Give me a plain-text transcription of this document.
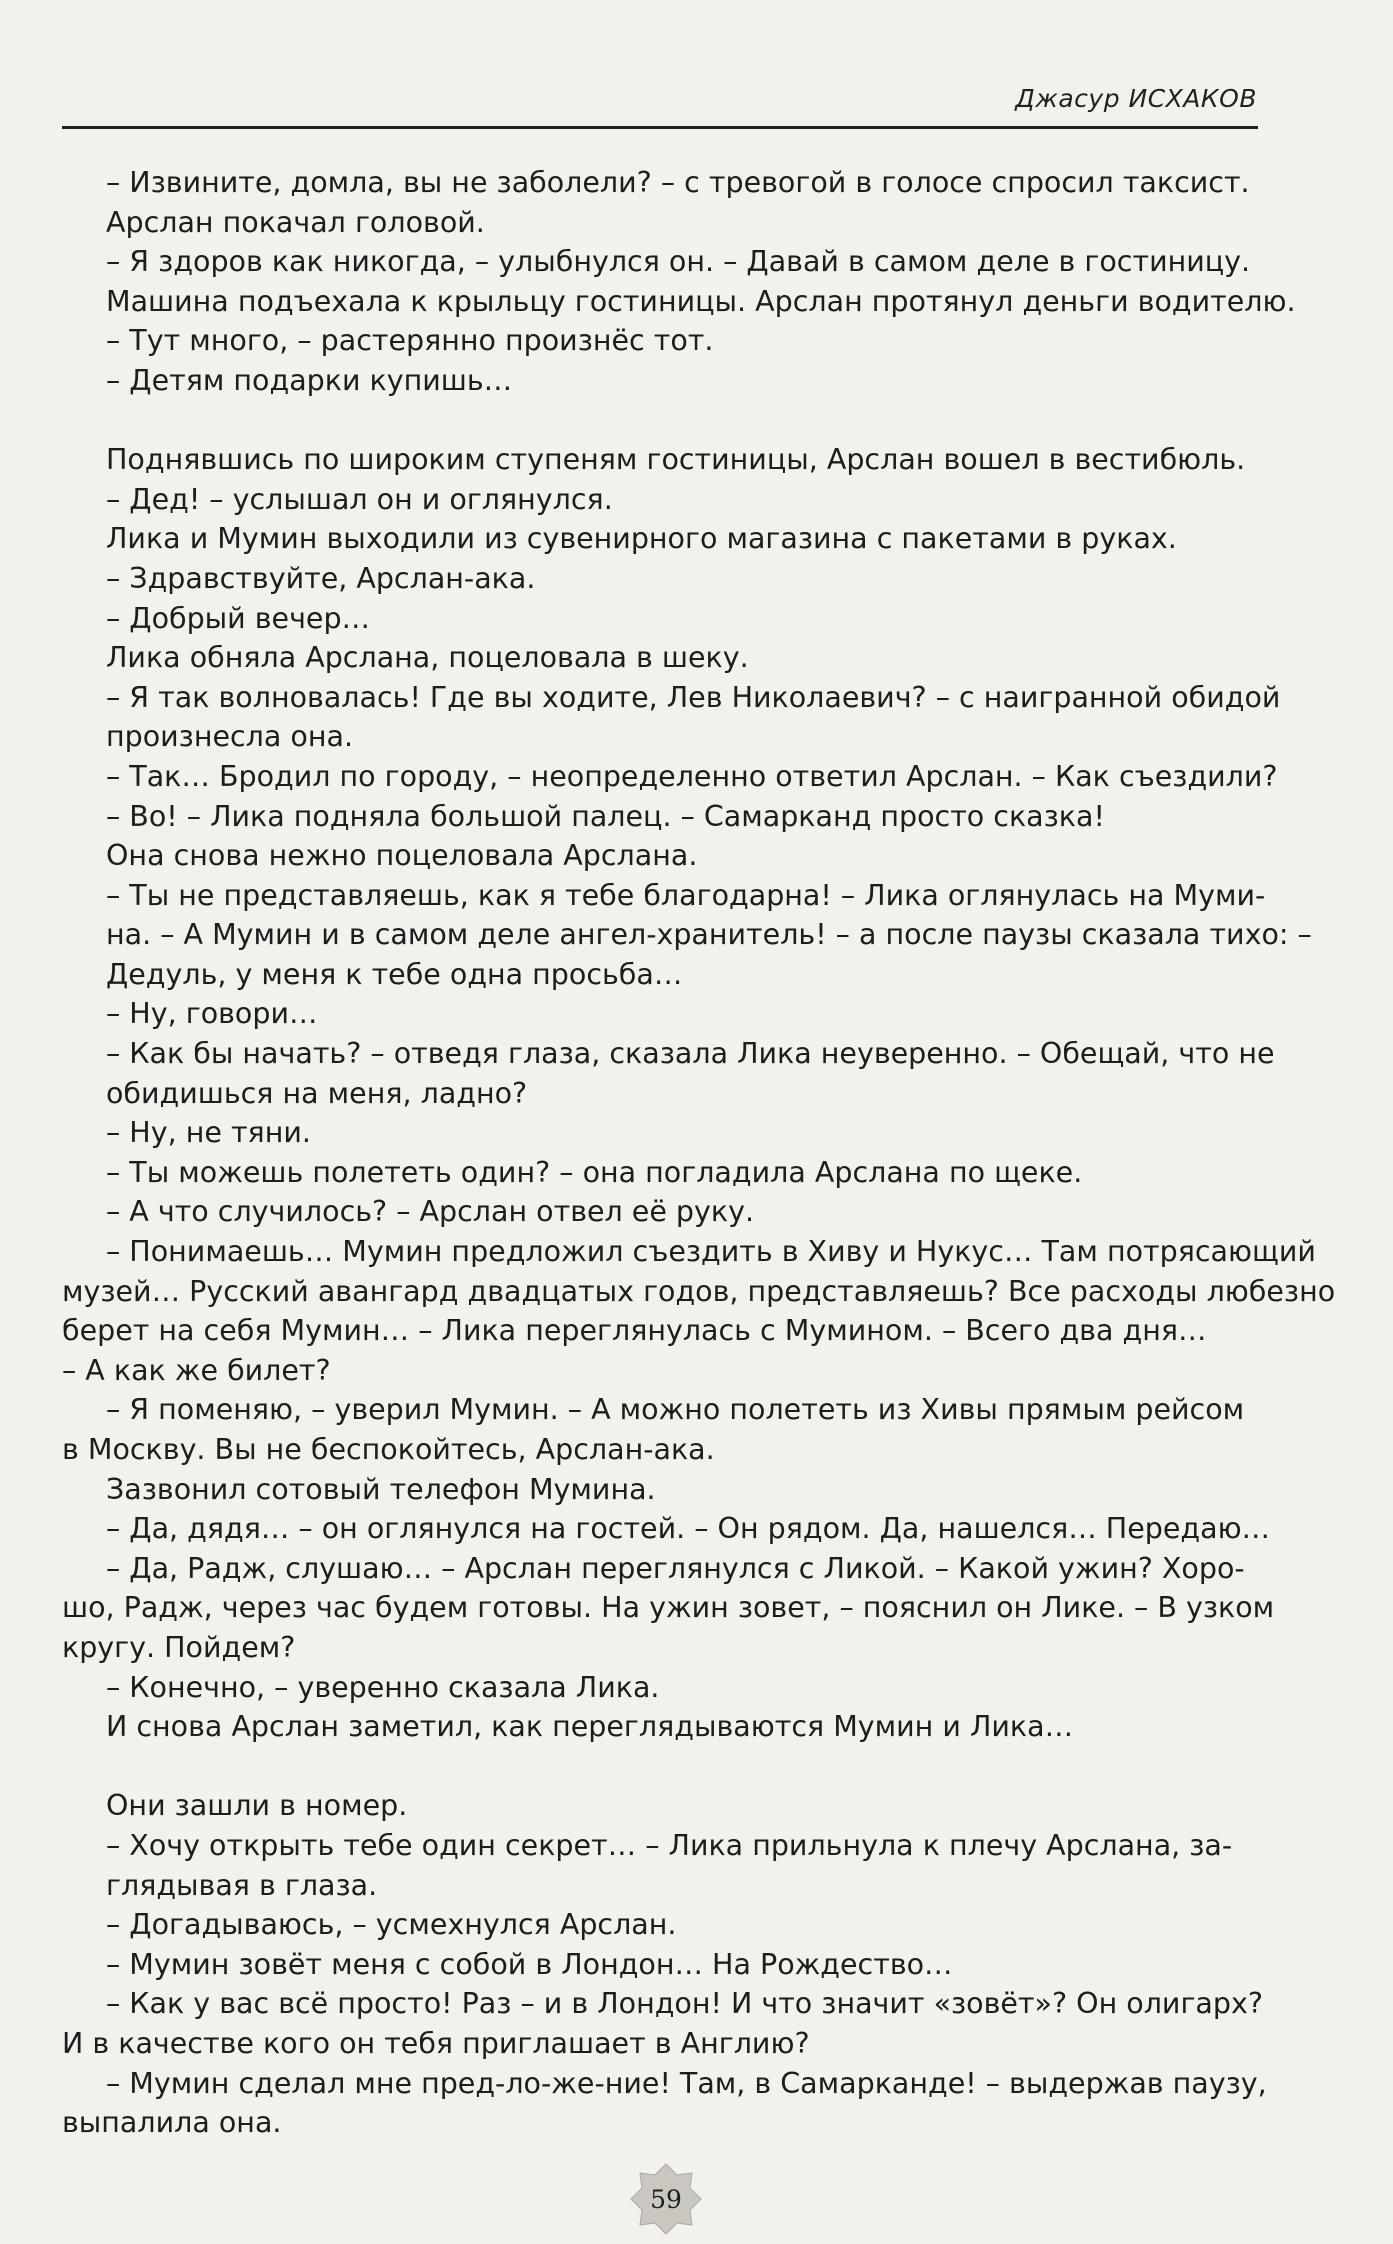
Джасур ИСХАКОВ
– Извините, домла, вы не заболели? – с тревогой в голосе спросил таксист.
Арслан покачал головой.
– Я здоров как никогда, – улыбнулся он. – Давай в самом деле в гостиницу.
Машина подъехала к крыльцу гостиницы. Арслан протянул деньги водителю.
– Тут много, – растерянно произнёс тот.
– Детям подарки купишь…
Поднявшись по широким ступеням гостиницы, Арслан вошел в вестибюль.
– Дед! – услышал он и оглянулся.
Лика и Мумин выходили из сувенирного магазина с пакетами в руках.
– Здравствуйте, Арслан-ака.
– Добрый вечер…
Лика обняла Арслана, поцеловала в шеку.
– Я так волновалась! Где вы ходите, Лев Николаевич? – с наигранной обидой
произнесла она.
– Так… Бродил по городу, – неопределенно ответил Арслан. – Как съездили?
– Во! – Лика подняла большой палец. – Самарканд просто сказка!
Она снова нежно поцеловала Арслана.
– Ты не представляешь, как я тебе благодарна! – Лика оглянулась на Муми-
на. – А Мумин и в самом деле ангел-хранитель! – а после паузы сказала тихо: –
Дедуль, у меня к тебе одна просьба…
– Ну, говори…
– Как бы начать? – отведя глаза, сказала Лика неуверенно. – Обещай, что не
обидишься на меня, ладно?
– Ну, не тяни.
– Ты можешь полететь один? – она погладила Арслана по щеке.
– А что случилось? – Арслан отвел её руку.
– Понимаешь… Мумин предложил съездить в Хиву и Нукус… Там потрясающий
музей… Русский авангард двадцатых годов, представляешь? Все расходы любезно
берет на себя Мумин… – Лика переглянулась с Мумином. – Всего два дня…
– А как же билет?
– Я поменяю, – уверил Мумин. – А можно полететь из Хивы прямым рейсом
в Москву. Вы не беспокойтесь, Арслан-ака.
Зазвонил сотовый телефон Мумина.
– Да, дядя… – он оглянулся на гостей. – Он рядом. Да, нашелся… Передаю…
– Да, Радж, слушаю… – Арслан переглянулся с Ликой. – Какой ужин? Хоро-
шо, Радж, через час будем готовы. На ужин зовет, – пояснил он Лике. – В узком
кругу. Пойдем?
– Конечно, – уверенно сказала Лика.
И снова Арслан заметил, как переглядываются Мумин и Лика…
Они зашли в номер.
– Хочу открыть тебе один секрет… – Лика прильнула к плечу Арслана, за-
глядывая в глаза.
– Догадываюсь, – усмехнулся Арслан.
– Мумин зовёт меня с собой в Лондон… На Рождество…
– Как у вас всё просто! Раз – и в Лондон! И что значит «зовёт»? Он олигарх?
И в качестве кого он тебя приглашает в Англию?
– Мумин сделал мне пред-ло-же-ние! Там, в Самарканде! – выдержав паузу,
выпалила она.
59
